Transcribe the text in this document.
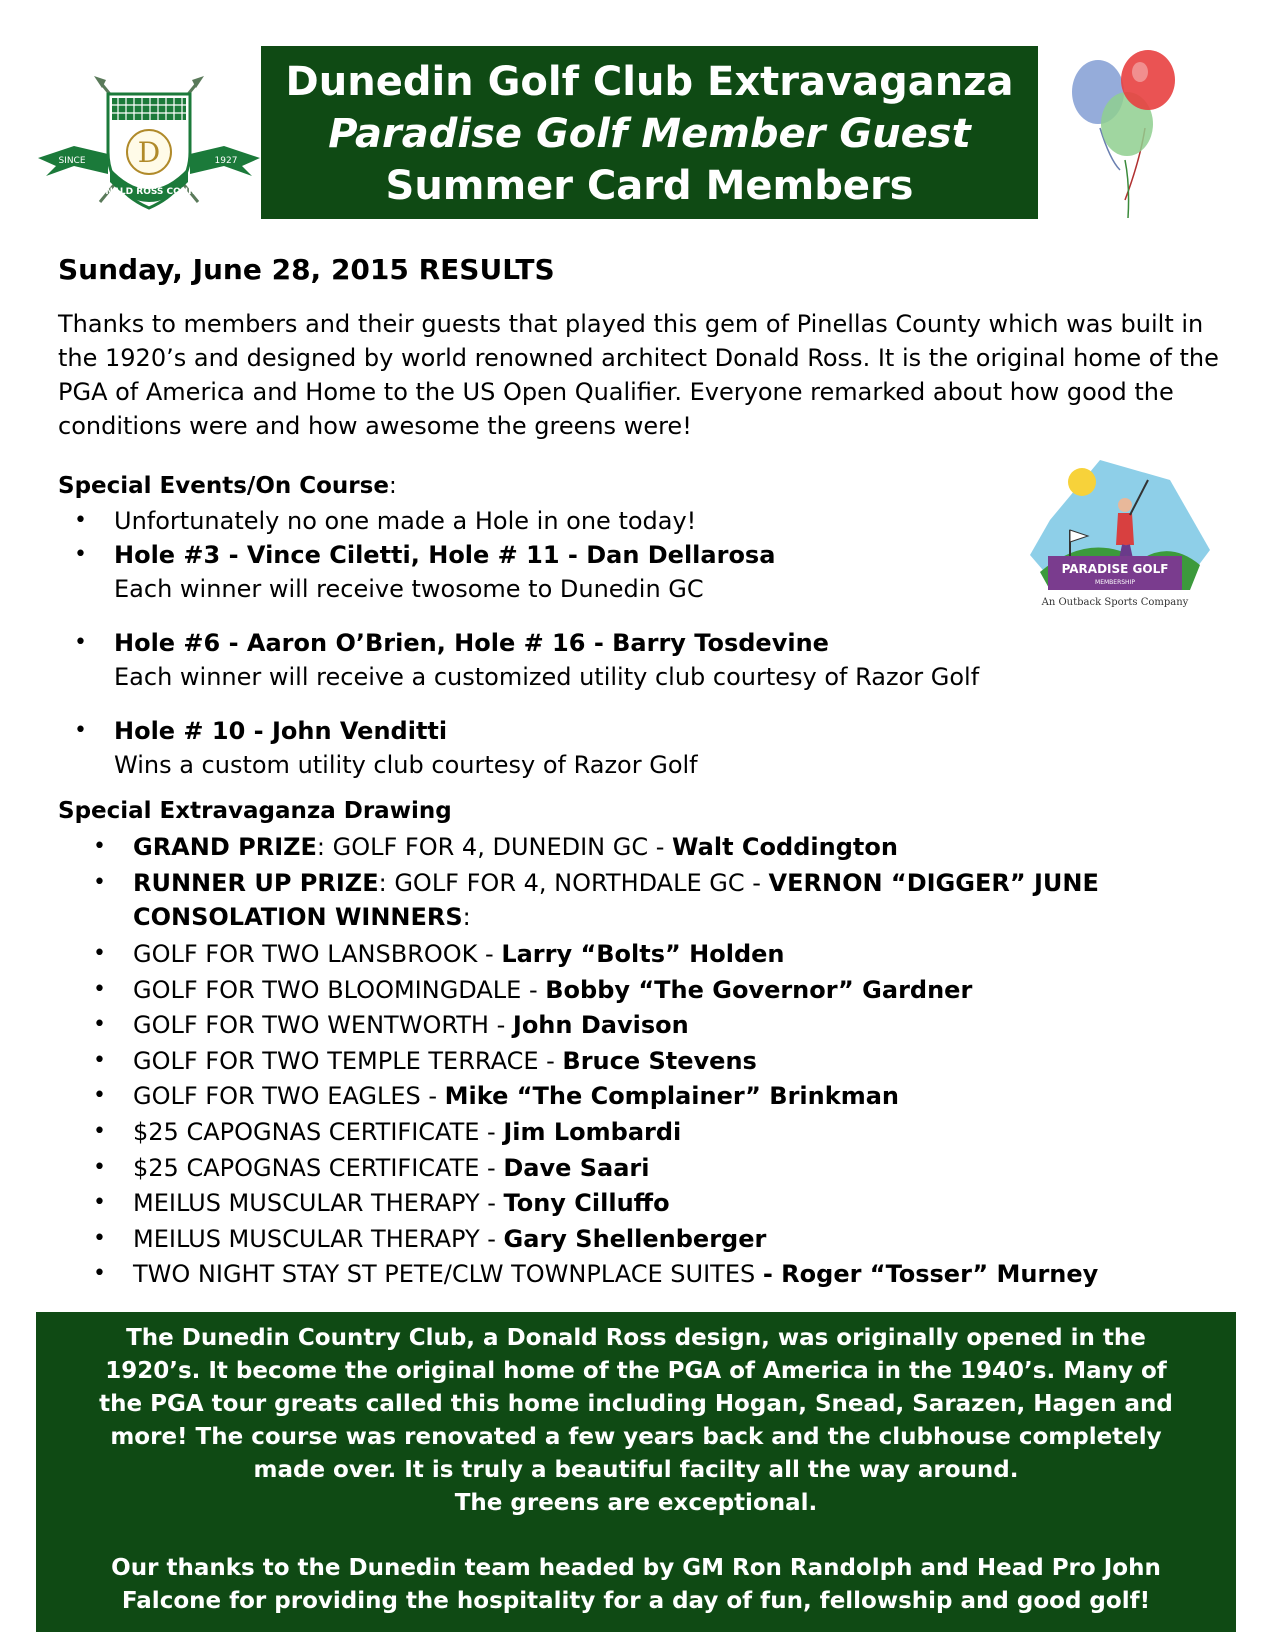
Dunedin Golf Club Extravaganza
Paradise Golf Member Guest
Summer Card Members
D
SINCE	1927
DONALD ROSS COURSE
PARADISE GOLF
MEMBERSHIP
An Outback Sports Company
Sunday, June 28, 2015 RESULTS
Thanks to members and their guests that played this gem of Pinellas County which was built in the 1920’s and designed by world renowned architect Donald Ross. It is the original home of the PGA of America and Home to the US Open Qualifier. Everyone remarked about how good the conditions were and how awesome the greens were!
Special Events/On Course:
• Unfortunately no one made a Hole in one today!
• Hole #3 - Vince Ciletti, Hole # 11 - Dan Dellarosa
Each winner will receive twosome to Dunedin GC
• Hole #6 - Aaron O’Brien, Hole # 16 - Barry Tosdevine
Each winner will receive a customized utility club courtesy of Razor Golf
• Hole # 10 - John Venditti
Wins a custom utility club courtesy of Razor Golf
Special Extravaganza Drawing
• GRAND PRIZE: GOLF FOR 4, DUNEDIN GC - Walt Coddington
• RUNNER UP PRIZE: GOLF FOR 4, NORTHDALE GC - VERNON “DIGGER” JUNE
CONSOLATION WINNERS:
• GOLF FOR TWO LANSBROOK - Larry “Bolts” Holden
• GOLF FOR TWO BLOOMINGDALE - Bobby “The Governor” Gardner
• GOLF FOR TWO WENTWORTH - John Davison
• GOLF FOR TWO TEMPLE TERRACE - Bruce Stevens
• GOLF FOR TWO EAGLES - Mike “The Complainer” Brinkman
• $25 CAPOGNAS CERTIFICATE - Jim Lombardi
• $25 CAPOGNAS CERTIFICATE - Dave Saari
• MEILUS MUSCULAR THERAPY - Tony Cilluffo
• MEILUS MUSCULAR THERAPY - Gary Shellenberger
• TWO NIGHT STAY ST PETE/CLW TOWNPLACE SUITES - Roger “Tosser” Murney

The Dunedin Country Club, a Donald Ross design, was originally opened in the

1920’s. It become the original home of the PGA of America in the 1940’s. Many of

the PGA tour greats called this home including Hogan, Snead, Sarazen, Hagen and

more! The course was renovated a few years back and the clubhouse completely

made over. It is truly a beautiful facilty all the way around.

The greens are exceptional.

Our thanks to the Dunedin team headed by GM Ron Randolph and Head Pro John

Falcone for providing the hospitality for a day of fun, fellowship and good golf!
